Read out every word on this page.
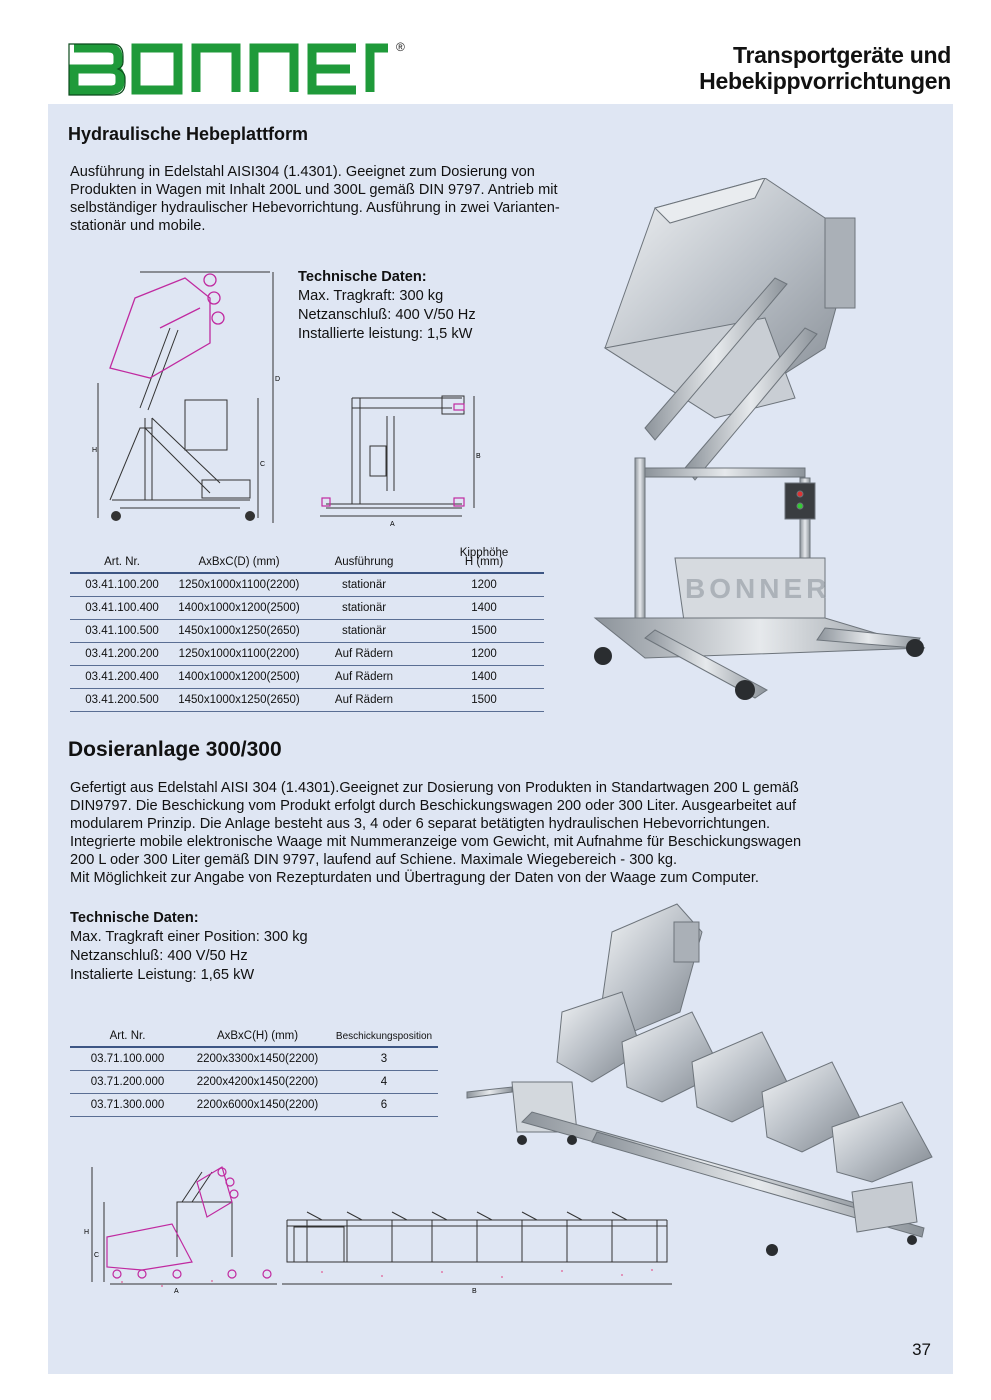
BONNER	®	Transportgeräte und
Hebekippvorrichtungen
Hydraulische Hebeplattform
Ausführung in Edelstahl AISI304 (1.4301). Geeignet zum Dosierung von
Produkten in Wagen mit Inhalt 200L und 300L gemäß DIN 9797. Antrieb mit
selbständiger hydraulischer Hebevorrichtung. Ausführung in zwei Varianten-
stationär und mobile.
Technische Daten:
Max. Tragkraft: 300 kg
Netzanschluß: 400 V/50 Hz
Installierte leistung: 1,5 kW
D
H
C
B
A
Art. Nr.	AxBxC(D) (mm)	Ausführung	Kipphöhe
H (mm)
03.41.100.200	1250x1000x1100(2200)	stationär	1200
03.41.100.400	1400x1000x1200(2500)	stationär	1400
03.41.100.500	1450x1000x1250(2650)	stationär	1500
03.41.200.200	1250x1000x1100(2200)	Auf Rädern	1200
03.41.200.400	1400x1000x1200(2500)	Auf Rädern	1400
03.41.200.500	1450x1000x1250(2650)	Auf Rädern	1500
BONNER
Dosieranlage 300/300
Gefertigt aus Edelstahl AISI 304 (1.4301).Geeignet zur Dosierung von Produkten in Standartwagen 200 L gemäß
DIN9797. Die Beschickung vom Produkt erfolgt durch Beschickungswagen 200 oder 300 Liter. Ausgearbeitet auf
modularem Prinzip. Die Anlage besteht aus 3, 4 oder 6 separat betätigten hydraulischen Hebevorrichtungen.
Integrierte mobile elektronische Waage mit Nummeranzeige vom Gewicht, mit Aufnahme für Beschickungswagen
200 L oder 300 Liter gemäß DIN 9797, laufend auf Schiene. Maximale Wiegebereich - 300 kg.
Mit Möglichkeit zur Angabe von Rezepturdaten und Übertragung der Daten von der Waage zum Computer.
Technische Daten:
Max. Tragkraft einer Position: 300 kg
Netzanschluß: 400 V/50 Hz
Instalierte Leistung: 1,65 kW
Art. Nr.	AxBxC(H) (mm)	Beschickungsposition
03.71.100.000	2200x3300x1450(2200)	3
03.71.200.000	2200x4200x1450(2200)	4
03.71.300.000	2200x6000x1450(2200)	6
H
C
A	B
37
